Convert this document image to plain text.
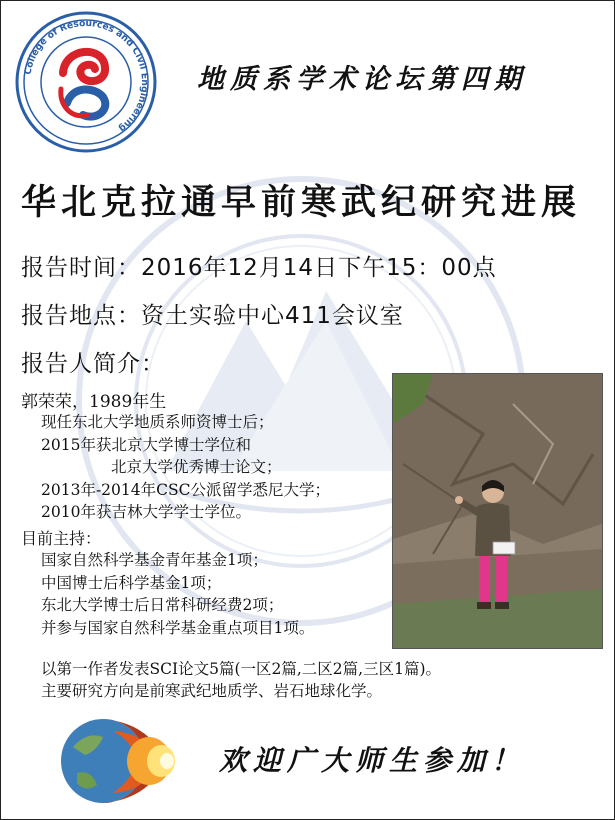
College of Resources and Civil Engineering
地质系学术论坛第四期
华北克拉通早前寒武纪研究进展
报告时间：2016年12月14日下午15：00点
报告地点：资土实验中心411会议室
报告人简介：
郭荣荣，1989年生
现任东北大学地质系师资博士后；
2015年获北京大学博士学位和
北京大学优秀博士论文；
2013年-2014年CSC公派留学悉尼大学；
2010年获吉林大学学士学位。
目前主持：
国家自然科学基金青年基金1项；
中国博士后科学基金1项；
东北大学博士后日常科研经费2项；
并参与国家自然科学基金重点项目1项。
以第一作者发表SCI论文5篇(一区2篇,二区2篇,三区1篇)。
主要研究方向是前寒武纪地质学、岩石地球化学。
欢迎广大师生参加！
